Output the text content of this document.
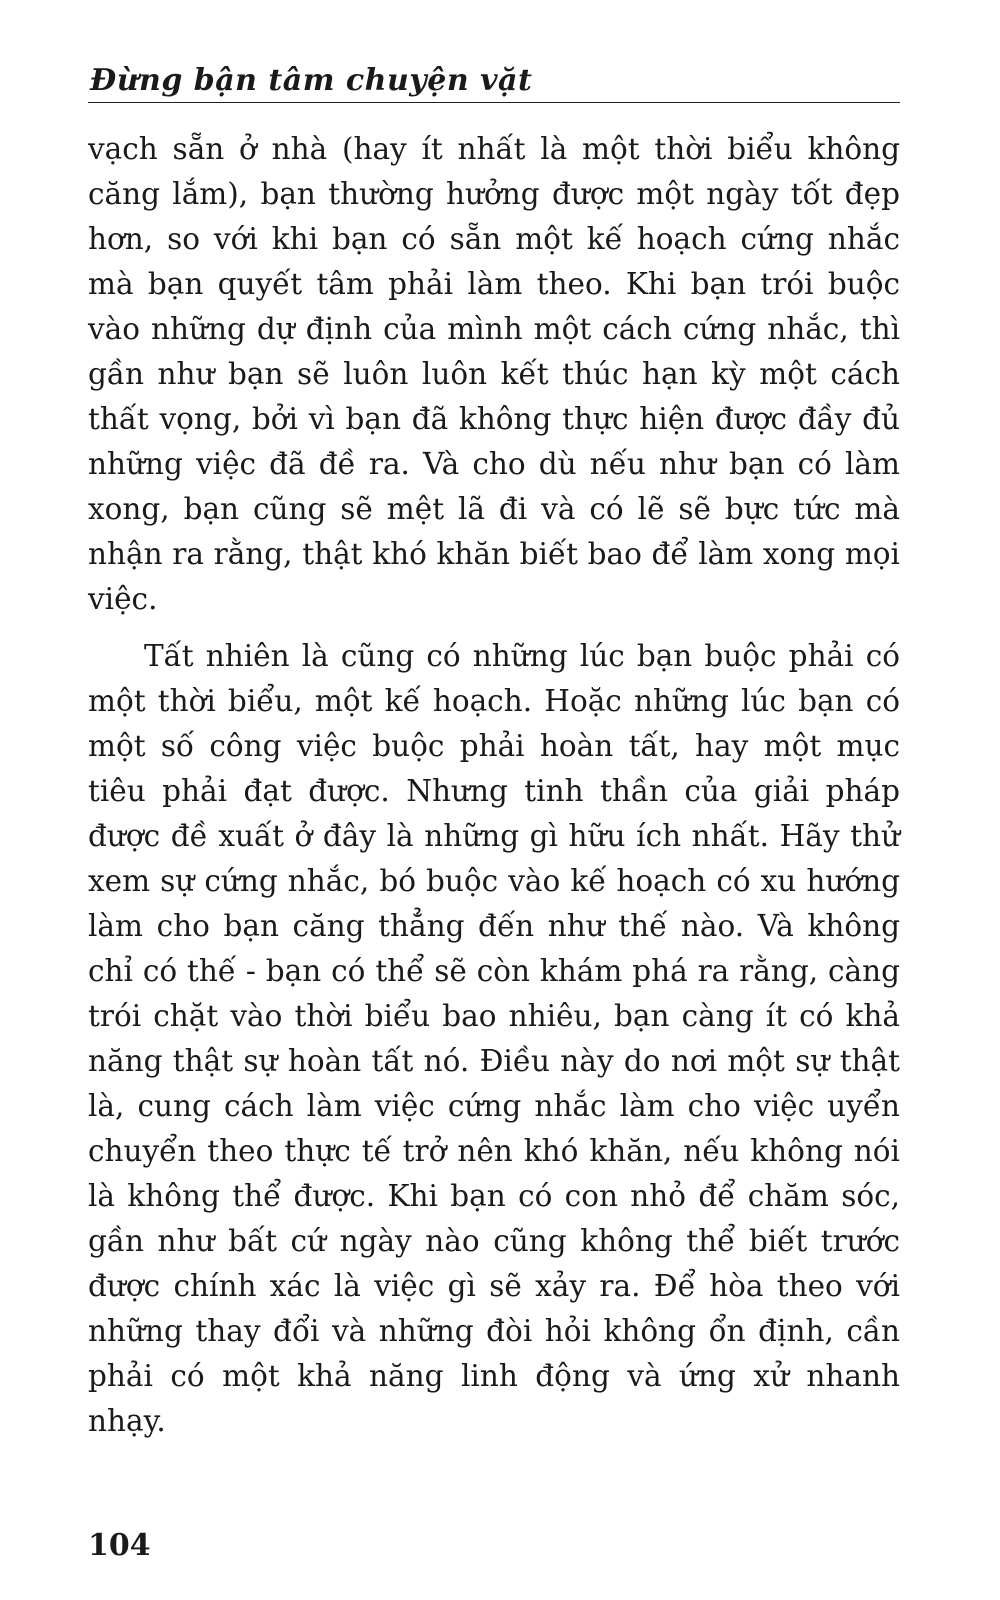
Đừng bận tâm chuyện vặt

vạch sẵn ở nhà (hay ít nhất là một thời biểu không căng lắm), bạn thường hưởng được một ngày tốt đẹp hơn, so với khi bạn có sẵn một kế hoạch cứng nhắc mà bạn quyết tâm phải làm theo. Khi bạn trói buộc vào những dự định của mình một cách cứng nhắc, thì gần như bạn sẽ luôn luôn kết thúc hạn kỳ một cách thất vọng, bởi vì bạn đã không thực hiện được đầy đủ những việc đã đề ra. Và cho dù nếu như bạn có làm xong, bạn cũng sẽ mệt lã đi và có lẽ sẽ bực tức mà nhận ra rằng, thật khó khăn biết bao để làm xong mọi việc.

Tất nhiên là cũng có những lúc bạn buộc phải có một thời biểu, một kế hoạch. Hoặc những lúc bạn có một số công việc buộc phải hoàn tất, hay một mục tiêu phải đạt được. Nhưng tinh thần của giải pháp được đề xuất ở đây là những gì hữu ích nhất. Hãy thử xem sự cứng nhắc, bó buộc vào kế hoạch có xu hướng làm cho bạn căng thẳng đến như thế nào. Và không chỉ có thế - bạn có thể sẽ còn khám phá ra rằng, càng trói chặt vào thời biểu bao nhiêu, bạn càng ít có khả năng thật sự hoàn tất nó. Điều này do nơi một sự thật là, cung cách làm việc cứng nhắc làm cho việc uyển chuyển theo thực tế trở nên khó khăn, nếu không nói là không thể được. Khi bạn có con nhỏ để chăm sóc, gần như bất cứ ngày nào cũng không thể biết trước được chính xác là việc gì sẽ xảy ra. Để hòa theo với những thay đổi và những đòi hỏi không ổn định, cần phải có một khả năng linh động và ứng xử nhanh nhạy.

104
